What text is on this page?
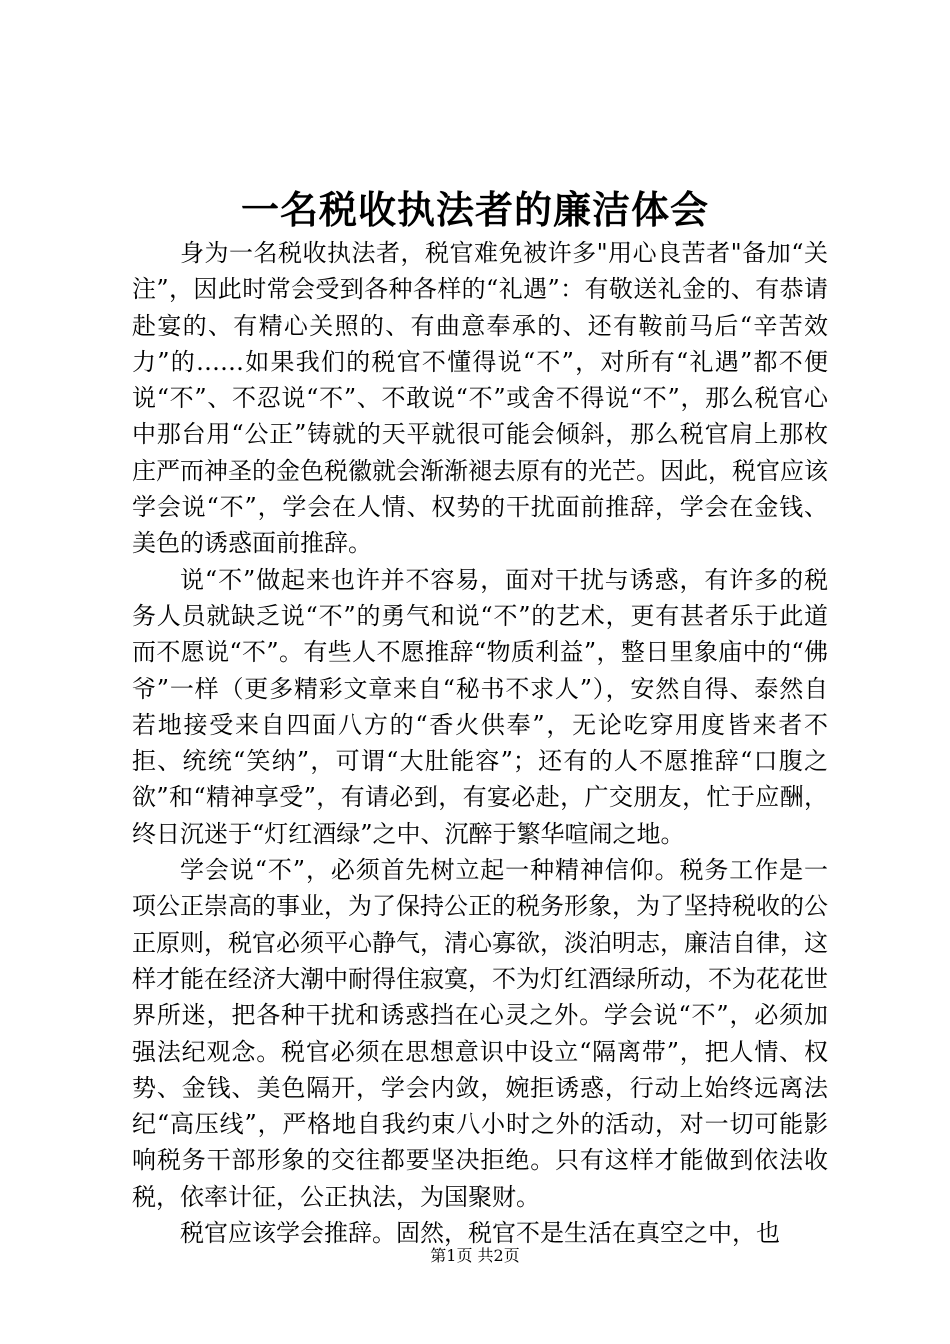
一名税收执法者的廉洁体会

身为一名税收执法者，税官难免被许多"用心良苦者"备加“关注”，因此时常会受到各种各样的“礼遇”：有敬送礼金的、有恭请赴宴的、有精心关照的、有曲意奉承的、还有鞍前马后“辛苦效力”的……如果我们的税官不懂得说“不”，对所有“礼遇”都不便说“不”、不忍说“不”、不敢说“不”或舍不得说“不”，那么税官心中那台用“公正”铸就的天平就很可能会倾斜，那么税官肩上那枚庄严而神圣的金色税徽就会渐渐褪去原有的光芒。因此，税官应该学会说“不”，学会在人情、权势的干扰面前推辞，学会在金钱、美色的诱惑面前推辞。

说“不”做起来也许并不容易，面对干扰与诱惑，有许多的税务人员就缺乏说“不”的勇气和说“不”的艺术，更有甚者乐于此道而不愿说“不”。有些人不愿推辞“物质利益”，整日里象庙中的“佛爷”一样（更多精彩文章来自“秘书不求人”），安然自得、泰然自若地接受来自四面八方的“香火供奉”，无论吃穿用度皆来者不拒、统统“笑纳”，可谓“大肚能容”；还有的人不愿推辞“口腹之欲”和“精神享受”，有请必到，有宴必赴，广交朋友，忙于应酬，终日沉迷于“灯红酒绿”之中、沉醉于繁华喧闹之地。

学会说“不”，必须首先树立起一种精神信仰。税务工作是一项公正崇高的事业，为了保持公正的税务形象，为了坚持税收的公正原则，税官必须平心静气，清心寡欲，淡泊明志，廉洁自律，这样才能在经济大潮中耐得住寂寞，不为灯红酒绿所动，不为花花世界所迷，把各种干扰和诱惑挡在心灵之外。学会说“不”，必须加强法纪观念。税官必须在思想意识中设立“隔离带”，把人情、权势、金钱、美色隔开，学会内敛，婉拒诱惑，行动上始终远离法纪“高压线”，严格地自我约束八小时之外的活动，对一切可能影响税务干部形象的交往都要坚决拒绝。只有这样才能做到依法收税，依率计征，公正执法，为国聚财。

税官应该学会推辞。固然，税官不是生活在真空之中，也

第1页 共2页
